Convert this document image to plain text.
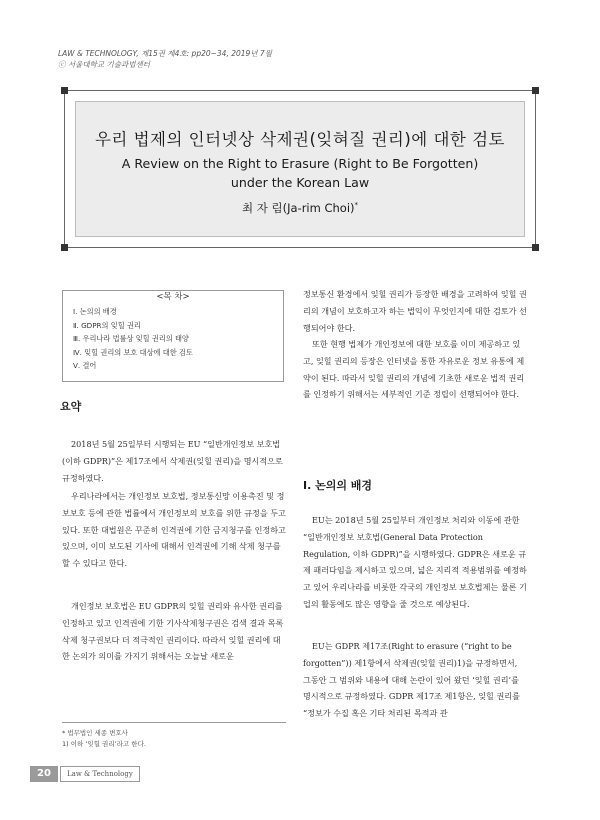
LAW & TECHNOLOGY, 제15권 제4호: pp20~34, 2019년 7월
ⓒ 서울대학교 기술과법센터
우리 법제의 인터넷상 삭제권(잊혀질 권리)에 대한 검토
A Review on the Right to Erasure (Right to Be Forgotten)
under the Korean Law
최 자 림(Ja-rim Choi)*
<목 차>
Ⅰ. 논의의 배경
Ⅱ. GDPR의 잊힐 권리
Ⅲ. 우리나라 법률상 잊힐 권리의 태양
Ⅳ. 잊힐 권리의 보호 대상에 대한 검토
Ⅴ. 결어
요약

2018년 5월 25일부터 시행되는 EU “일반개인정보 보호법(이하 GDPR)”은 제17조에서 삭제권(잊힐 권리)을 명시적으로 규정하였다.

우리나라에서는 개인정보 보호법, 정보통신망 이용촉진 및 정보보호 등에 관한 법률에서 개인정보의 보호를 위한 규정을 두고 있다. 또한 대법원은 꾸준히 인격권에 기한 금지청구를 인정하고 있으며, 이미 보도된 기사에 대해서 인격권에 기해 삭제 청구를 할 수 있다고 한다.

개인정보 보호법은 EU GDPR의 잊힐 권리와 유사한 권리를 인정하고 있고 인격권에 기한 기사삭제청구권은 검색 결과 목록 삭제 청구권보다 더 적극적인 권리이다. 따라서 잊힐 권리에 대한 논의가 의미를 가지기 위해서는 오늘날 새로운

정보통신 환경에서 잊힐 권리가 등장한 배경을 고려하여 잊힐 권리의 개념이 보호하고자 하는 법익이 무엇인지에 대한 검토가 선행되어야 한다.

또한 현행 법제가 개인정보에 대한 보호를 이미 제공하고 있고, 잊힐 권리의 등장은 인터넷을 통한 자유로운 정보 유통에 제약이 된다. 따라서 잊힐 권리의 개념에 기초한 새로운 법적 권리를 인정하기 위해서는 세부적인 기준 정립이 선행되어야 한다.

Ⅰ. 논의의 배경

EU는 2018년 5월 25일부터 개인정보 처리와 이동에 관한 “일반개인정보 보호법(General Data Protection Regulation, 이하 GDPR)”을 시행하였다. GDPR은 새로운 규제 패러다임을 제시하고 있으며, 넓은 지리적 적용범위를 예정하고 있어 우리나라를 비롯한 각국의 개인정보 보호법제는 물론 기업의 활동에도 많은 영향을 줄 것으로 예상된다.

EU는 GDPR 제17조(Right to erasure (“right to be forgotten”)) 제1항에서 삭제권(잊힐 권리)1)을 규정하면서, 그동안 그 범위와 내용에 대해 논란이 있어 왔던 ‘잊힐 권리’를 명시적으로 규정하였다. GDPR 제17조 제1항은, 잊힐 권리를 “정보가 수집 혹은 기타 처리된 목적과 관

* 법무법인 세종 변호사
1) 이하 ‘잊힐 권리’라고 한다.
20	Law & Technology
